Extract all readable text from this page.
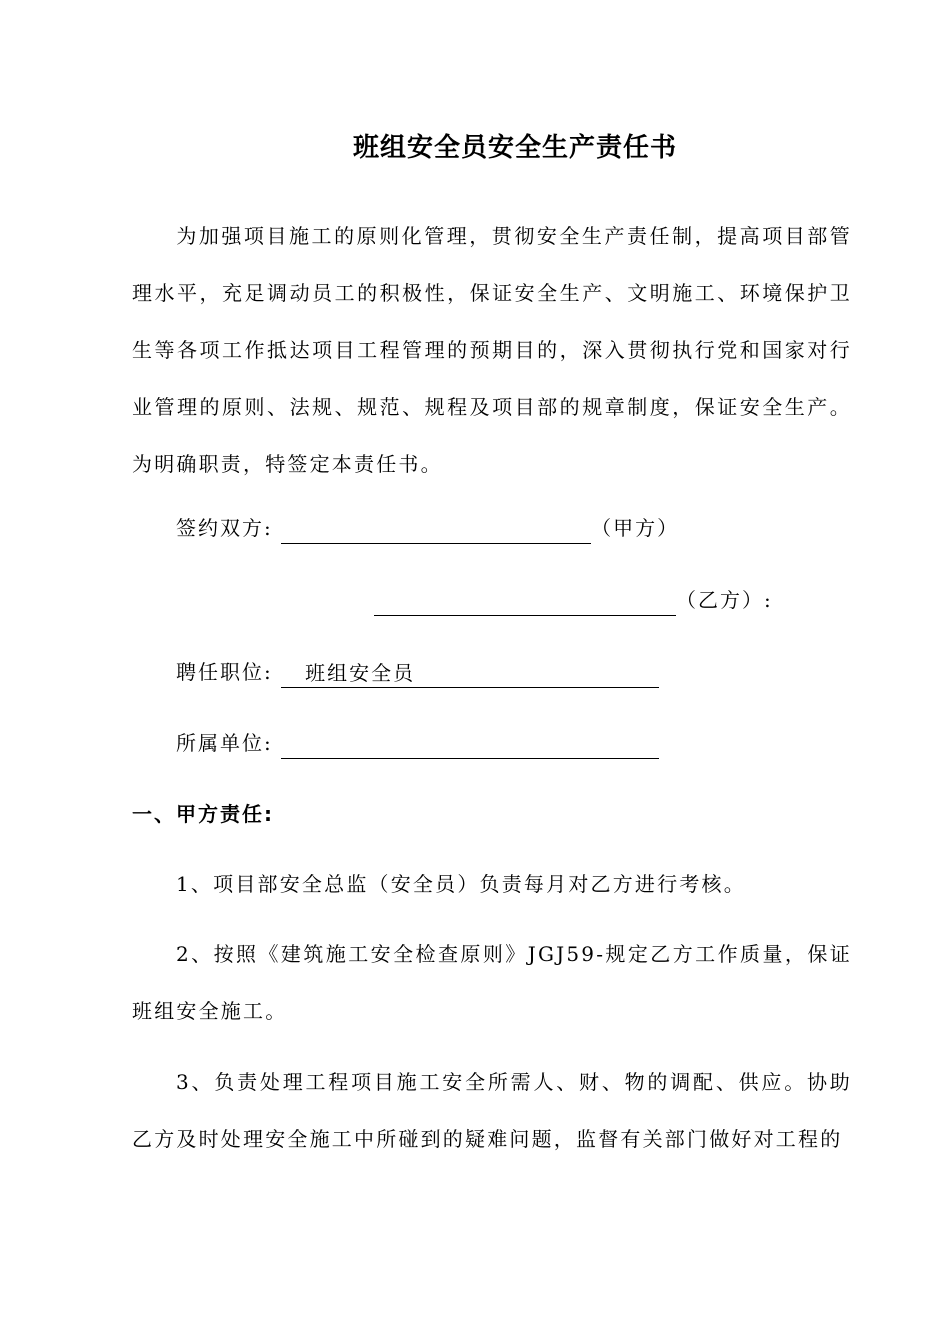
班组安全员安全生产责任书
为加强项目施工的原则化管理，贯彻安全生产责任制，提高项目部管理水平，充足调动员工的积极性，保证安全生产、文明施工、环境保护卫生等各项工作抵达项目工程管理的预期目的，深入贯彻执行党和国家对行业管理的原则、法规、规范、规程及项目部的规章制度，保证安全生产。为明确职责，特签定本责任书。
签约双方:	（甲方）
（乙方）:
聘任职位: 班组安全员
所属单位:
一、甲方责任:
1、项目部安全总监（安全员）负责每月对乙方进行考核。
2、按照《建筑施工安全检查原则》JGJ59-规定乙方工作质量，保证班组安全施工。
3、负责处理工程项目施工安全所需人、财、物的调配、供应。协助乙方及时处理安全施工中所碰到的疑难问题，监督有关部门做好对工程的
